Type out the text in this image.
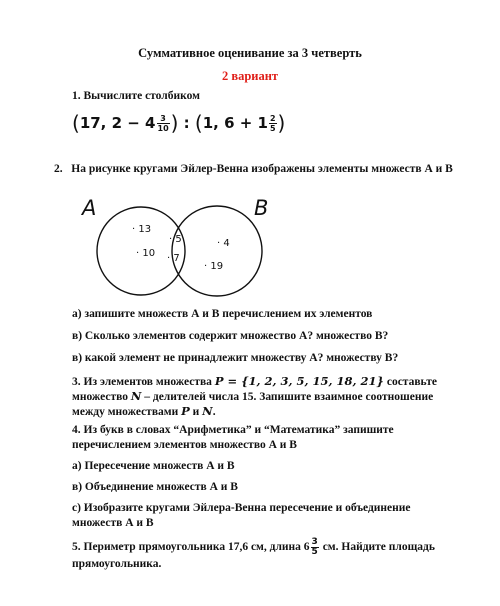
Суммативное оценивание за 3 четверть
2 вариант
1. Вычислите столбиком
(17, $2 - 4 \frac{3}{10}$ ) : (1, $6 + 1 \frac{2}{5}$ )
2. На рисунке кругами Эйлер-Венна изображены элементы множеств А и В
A	B
· 13
· 10
· 5
· 7
· 4
· 19
а) запишите множеств А и В перечислением их элементов
в) Сколько элементов содержит множество А? множество В?
в) какой элемент не принадлежит множеству А? множеству В?
3. Из элементов множества P = {1, 2, 3, 5, 15, 18, 21} составьте
множество N – делителей числа 15. Запишите взаимное соотношение
между множествами P и N.
4. Из букв в словах “Арифметика” и “Математика” запишите
перечислением элементов множество А и В
а) Пересечение множеств А и В
в) Объединение множеств А и В
с) Изобразите кругами Эйлера-Венна пересечение и объединение
множеств А и В
5. Периметр прямоугольника 17,6 см, длина $6 \frac{3}{5}$ см. Найдите площадь
прямоугольника.
